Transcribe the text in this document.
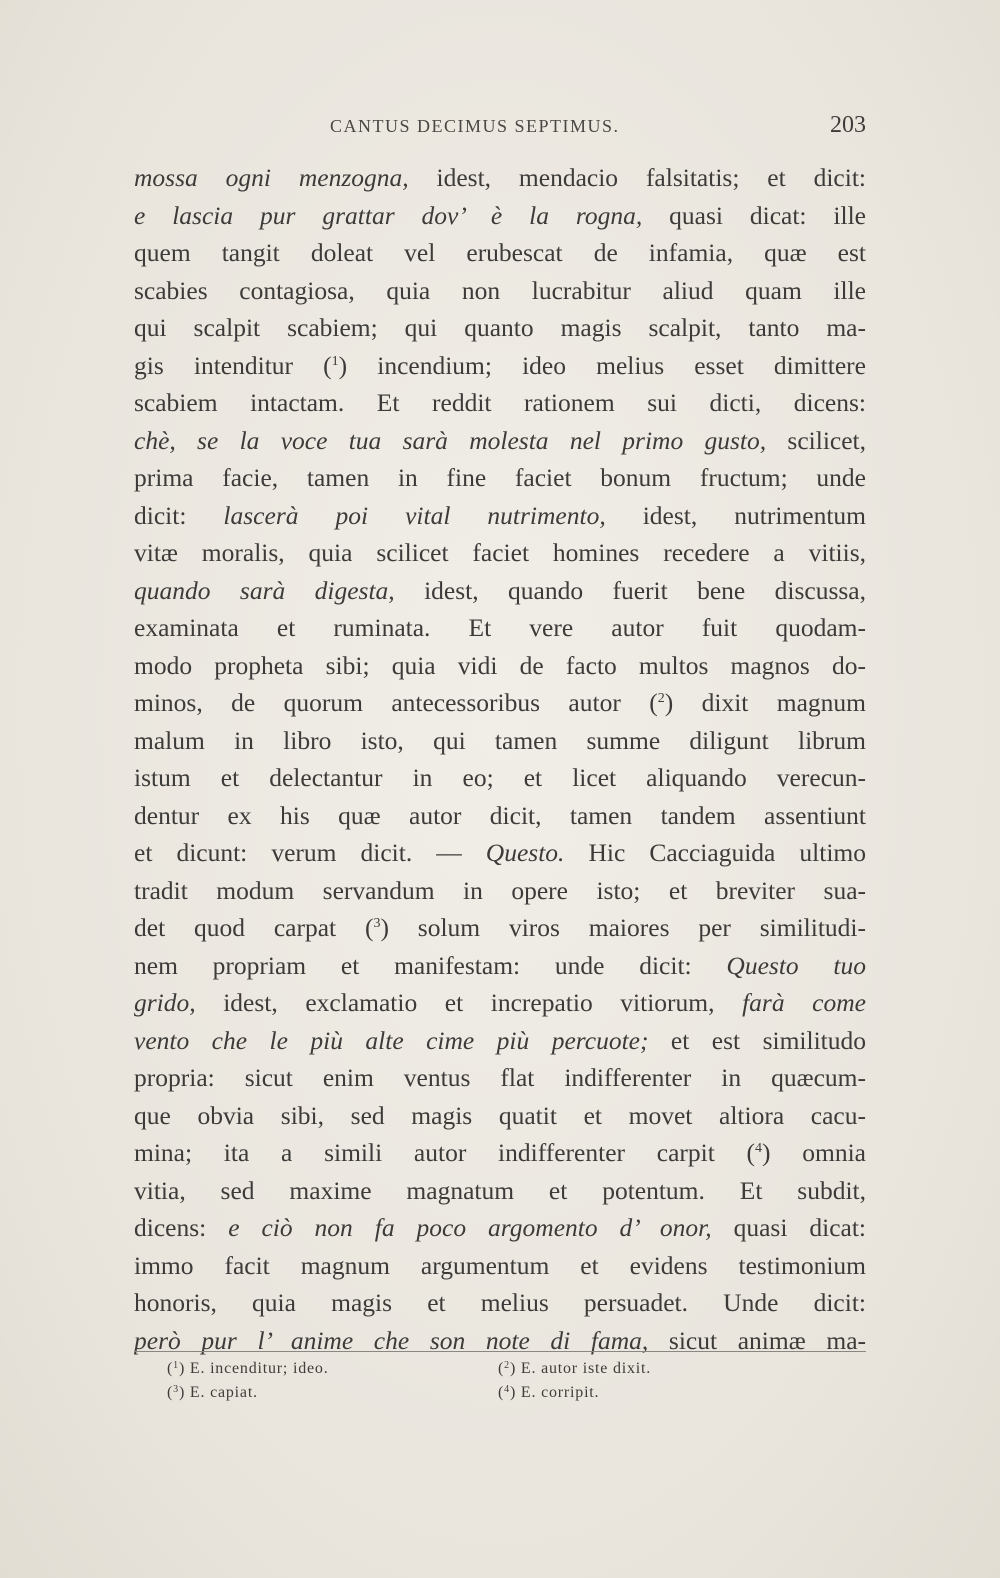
CANTUS DECIMUS SEPTIMUS.	203
mossa ogni menzogna, idest, mendacio falsitatis; et dicit:
e lascia pur grattar dov’ è la rogna, quasi dicat: ille
quem tangit doleat vel erubescat de infamia, quæ est
scabies contagiosa, quia non lucrabitur aliud quam ille
qui scalpit scabiem; qui quanto magis scalpit, tanto ma-
gis intenditur ($^1$) incendium; ideo melius esset dimittere
scabiem intactam. Et reddit rationem sui dicti, dicens:
chè, se la voce tua sarà molesta nel primo gusto, scilicet,
prima facie, tamen in fine faciet bonum fructum; unde
dicit: lascerà poi vital nutrimento, idest, nutrimentum
vitæ moralis, quia scilicet faciet homines recedere a vitiis,
quando sarà digesta, idest, quando fuerit bene discussa,
examinata et ruminata. Et vere autor fuit quodam-
modo propheta sibi; quia vidi de facto multos magnos do-
minos, de quorum antecessoribus autor ($^2$) dixit magnum
malum in libro isto, qui tamen summe diligunt librum
istum et delectantur in eo; et licet aliquando verecun-
dentur ex his quæ autor dicit, tamen tandem assentiunt
et dicunt: verum dicit. — Questo. Hic Cacciaguida ultimo
tradit modum servandum in opere isto; et breviter sua-
det quod carpat ($^3$) solum viros maiores per similitudi-
nem propriam et manifestam: unde dicit: Questo tuo
grido, idest, exclamatio et increpatio vitiorum, farà come
vento che le più alte cime più percuote; et est similitudo
propria: sicut enim ventus flat indifferenter in quæcum-
que obvia sibi, sed magis quatit et movet altiora cacu-
mina; ita a simili autor indifferenter carpit ($^4$) omnia
vitia, sed maxime magnatum et potentum. Et subdit,
dicens: e ciò non fa poco argomento d’ onor, quasi dicat:
immo facit magnum argumentum et evidens testimonium
honoris, quia magis et melius persuadet. Unde dicit:
però pur l’ anime che son note di fama, sicut animæ ma-
($^1$) E. incenditur; ideo.	($^2$) E. autor iste dixit.
($^3$) E. capiat.	($^4$) E. corripit.
